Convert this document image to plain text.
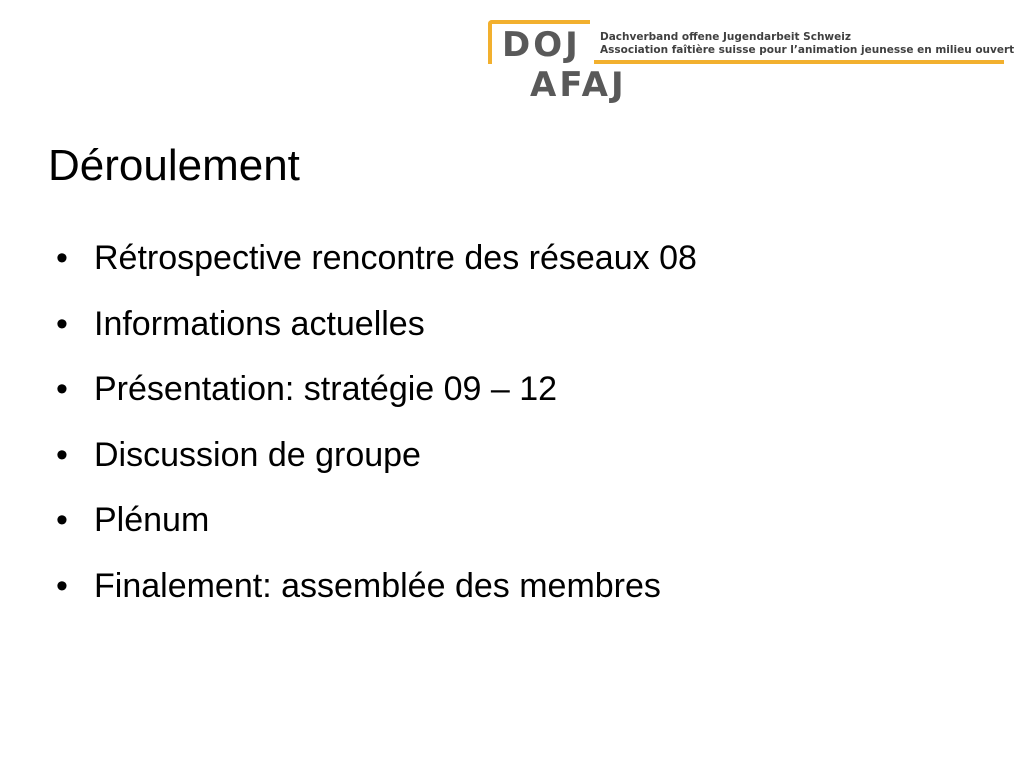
DOJ
AFAJ
Dachverband offene Jugendarbeit Schweiz
Association faîtière suisse pour l’animation jeunesse en milieu ouvert
Déroulement
• Rétrospective rencontre des réseaux 08
• Informations actuelles
• Présentation: stratégie 09 – 12
• Discussion de groupe
• Plénum
• Finalement: assemblée des membres
